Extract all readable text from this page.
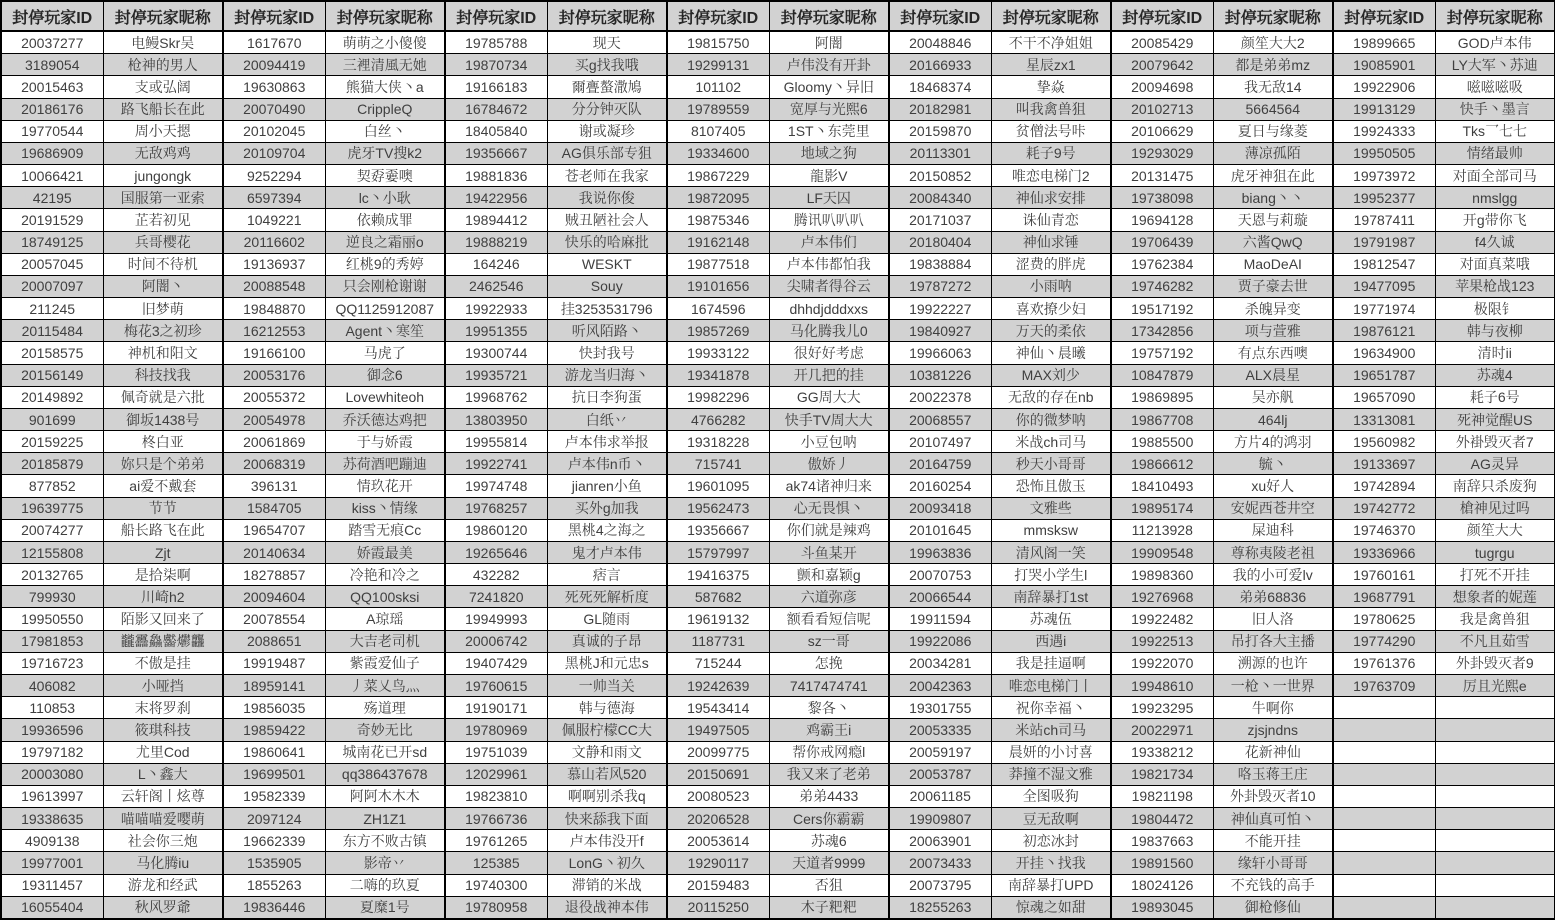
封停玩家ID	封停玩家昵称	封停玩家ID	封停玩家昵称	封停玩家ID	封停玩家昵称	封停玩家ID	封停玩家昵称	封停玩家ID	封停玩家昵称	封停玩家ID	封停玩家昵称	封停玩家ID	封停玩家昵称
20037277	电鳗Skr吴	1617670	萌萌之小傻傻	19785788	现天	19815750	阿闇	20048846	不干不净姐姐	20085429	颜笙大大2	19899665	GOD卢本伟
3189054	枪神的男人	20094419	三裡清風无她	19870734	买g找我哦	19299131	卢伟没有开卦	20166933	星辰zx1	20079642	都是弟弟mz	19085901	LY大军丶苏迪
20015463	支或弘阔	19630863	熊猫大侠丶a	19166183	爾亹螯潵鳩	101102	Gloomy丶异旧	18468374	挚焱	20094698	我无敌14	19922906	嗞嗞嗞吸
20186176	路飞船长在此	20070490	CrippleQ	16784672	分分钟灭队	19789559	宽厚与光熙6	20182981	叫我禽兽狙	20102713	5664564	19913129	快手丶墨言
19770544	周小天摁	20102045	白丝丶	18405840	谢或凝珍	8107405	1ST丶东莞里	20159870	贫僧法号咔	20106629	夏日与缘菱	19924333	Tks乛七七
19686909	无敌鸡鸡	20109704	虎牙TV搜k2	19356667	AG俱乐部专狙	19334600	地域之狗	20113301	耗子9号	19293029	薄凉孤陌	19950505	情绪最帅
10066421	jungongk	9252294	契孬嫑噢	19881836	苍老师在我家	19867229	龍影V	20150852	唯恋电梯门2	20131475	虎牙神狙在此	19973972	对面全部司马
42195	国服第一亚索	6597394	lc丶小耿	19422956	我说你俊	19872095	LF天囚	20084340	神仙求安排	19738098	biang丶丶	19952377	nmslgg
20191529	芷若初见	1049221	依赖成罪	19894412	贼丑陋社会人	19875346	腾讯叭叭叭	20171037	诛仙青恋	19694128	天恩与莉璇	19787411	开g带你飞
18749125	兵哥樱花	20116602	逆良之霜丽o	19888219	快乐的哈麻批	19162148	卢本伟们	20180404	神仙求锤	19706439	六酱QwQ	19791987	f4久诚
20057045	时间不待机	19136937	红桃9的秀婷	164246	WESKT	19877518	卢本伟都怕我	19838884	涩费的胖虎	19762384	MaoDeAI	19812547	对面真菜哦
20007097	阿闇丶	20088548	只会刚枪谢谢	2462546	Souy	19101656	尖啸者得谷云	19787272	小雨呐	19746282	贾子豪去世	19477095	苹果枪战123
211245	旧梦萌	19848870	QQ1125912087	19922933	挂3253531796	1674596	dhhdjdddxxs	19922227	喜欢撩少妇	19517192	杀魄异变	19771974	极限钅
20115484	梅花3之初珍	16212553	Agent丶寒笙	19951355	听风陌路丶	19857269	马化腾我儿0	19840927	万天的柔依	17342856	项与萱雅	19876121	韩与夜柳
20158575	神机和阳文	19166100	马虎了	19300744	快封我号	19933122	很好好考虑	19966063	神仙丶晨曦	19757192	有点东西噢	19634900	清时ii
20156149	科技找我	20053176	御念6	19935721	游龙当归海丶	19341878	开几把的挂	10381226	MAX刘少	10847879	ALX晨星	19651787	苏魂4
20149892	佩奇就是六批	20055372	Lovewhiteoh	19968762	抗日李狗蛋	19982296	GG周大大	20022378	无敌的存在nb	19869895	吴亦舤	19657090	耗子6号
901699	御坂1438号	20054978	乔沃德达鸡把	13803950	白纸丷	4766282	快手TV周大大	20068557	你的微梦呐	19867708	464lj	13313081	死神觉醒US
20159225	柊白亚	20061869	于与娇霞	19955814	卢本伟求举报	19318228	小豆包呐	20107497	米战ch司马	19885500	方片4的鸿羽	19560982	外褂毁灭者7
20185879	妳只是个弟弟	20068319	苏荷酒吧蹦迪	19922741	卢本伟n币丶	715741	傲娇丿	20164759	秒天小哥哥	19866612	毓丶	19133697	AG灵异
877852	ai爱不戴套	396131	情玖花开	19974748	jianren小鱼	19601095	ak74诸神归来	20160254	恐怖且傲玉	18410493	xu好人	19742894	南辞只杀废狗
19639775	节节	1584705	kiss丶情缘	19768257	买外g加我	19562473	心无畏惧丶	20093418	文雅些	19895174	安妮西苍井空	19742772	槍神见过吗
20074277	船长路飞在此	19654707	踏雪无痕Cc	19860120	黑桃4之海之	19356667	你们就是辣鸡	20101645	mmsksw	11213928	屎迪科	19746370	颜笙大大
12155808	Zjt	20140634	娇霞最美	19265646	鬼才卢本伟	15797997	斗鱼某开	19963836	清风阁一笑	19909548	尊称夷陵老祖	19336966	tugrgu
20132765	是拾柒啊	18278857	冷艳和冷之	432282	痞言	19416375	颤和嘉颖g	20070753	打哭小学生l	19898360	我的小可爱lv	19760161	打死不开挂
799930	川崎h2	20094604	QQ100sksi	7241820	死死死解析度	587682	六道弥彦	20066544	南辞暴打1st	19276968	弟弟68836	19687791	想象者的妮莲
19950550	陌影又回来了	20078554	A琼瑶	19949993	GL随雨	19619132	额看看短信呢	19911594	苏魂伍	19922482	旧人洛	19780625	我是禽兽狙
17981853	龖靐鱻齾爩龘	2088651	大吉老司机	20006742	真诚的子昂	1187731	sz一哥	19922086	西遇i	19922513	吊打各大主播	19774290	不凡且茹雪
19716723	不傲是挂	19919487	紫霞爱仙子	19407429	黑桃J和元忠s	715244	怎挽	20034281	我是挂逼啊	19922070	溯源的也许	19761376	外卦毁灭者9
406082	小哑挡	18959141	丿菜乂鸟灬	19760615	一帅当关	19242639	7417474741	20042363	唯恋电梯门丨	19948610	一枪丶一世界	19763709	厉且光熙e
110853	末将罗刹	19856035	殇道理	19190171	韩与德海	19543414	黎各丶	19301755	祝你幸福丶	19923295	牛啊你		
19936596	筱琪科技	19859422	奇妙无比	19780969	佩服柠檬CC大	19497505	鸡霸王i	20053335	米站ch司马	20022971	zjsjndns		
19797182	尤里Cod	19860641	城南花已开sd	19751039	文静和雨文	20099775	帮你戒网瘾l	20059197	晨妍的小讨喜	19338212	花新神仙		
20003080	L丶鑫大	19699501	qq386437678	12029961	慕山若风520	20150691	我又来了老弟	20053787	莽撞不湿文雅	19821734	咯玉蒋王庄		
19613997	云轩阁丨炫尊	19582339	阿阿木木木	19823810	啊啊别杀我q	20080523	弟弟4433	20061185	全图吸狗	19821198	外卦毁灭者10		
19338635	喵喵喵爱嘤萌	2097124	ZH1Z1	19766736	快来舔我下面	20206528	Cers你霸霸	19909807	豆无敌啊	19804472	神仙真可怕丶		
4909138	社会你三炮	19662339	东方不败古镇	19761265	卢本伟没开f	20053614	苏魂6	20063901	初恋冰封	19837663	不能开挂		
19977001	马化腾iu	1535905	影帝丷	125385	LonG丶初久	19290117	天道者9999	20073433	开挂丶找我	19891560	缘轩小哥哥		
19311457	游龙和经武	1855263	二嗨的玖夏	19740300	滞销的米战	20159483	否狙	20073795	南辞暴打UPD	18024126	不充钱的高手		
16055404	秋风罗爺	19836446	夏糜1号	19780958	退役战神本伟	20115250	木子粑粑	18255263	惊魂之如甜	19893045	御枪修仙		
